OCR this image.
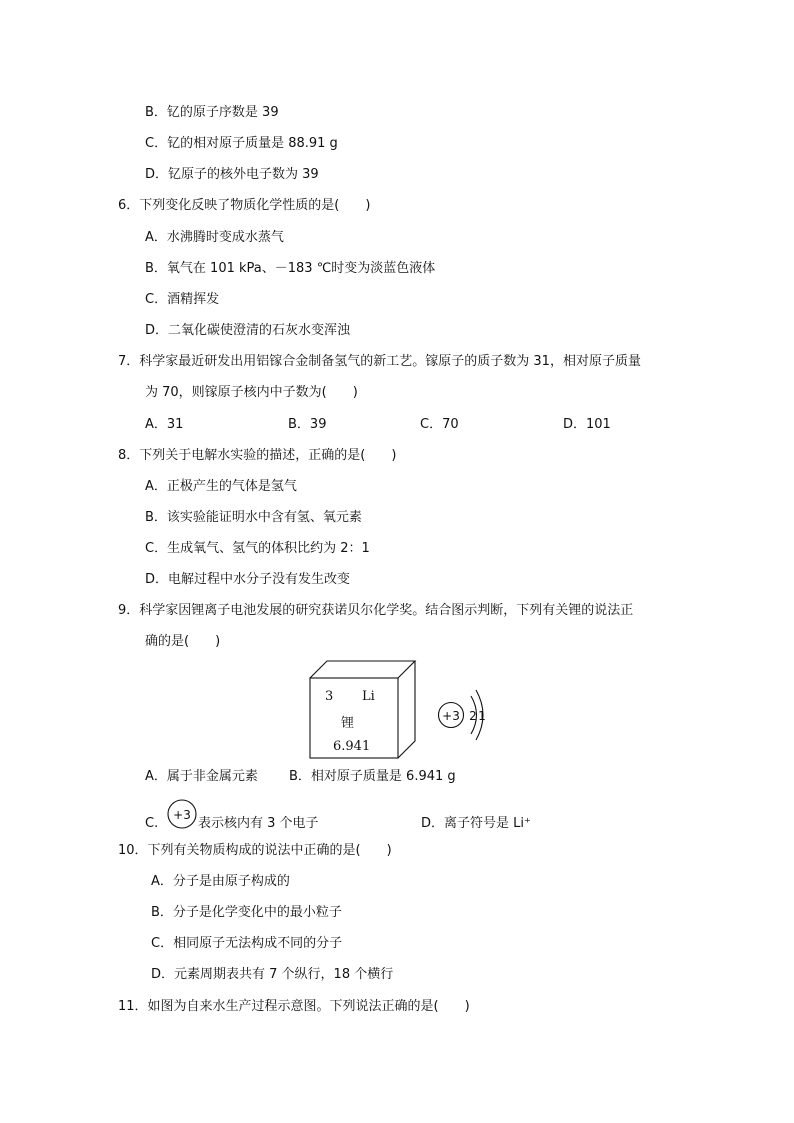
B．钇的原子序数是 39
C．钇的相对原子质量是 88.91 g
D．钇原子的核外电子数为 39
6．下列变化反映了物质化学性质的是(　　)
A．水沸腾时变成水蒸气
B．氧气在 101 kPa、－183 ℃时变为淡蓝色液体
C．酒精挥发
D．二氧化碳使澄清的石灰水变浑浊
7．科学家最近研发出用铝镓合金制备氢气的新工艺。镓原子的质子数为 31，相对原子质量
为 70，则镓原子核内中子数为(　　)
A．31	B．39	C．70	D．101
8．下列关于电解水实验的描述，正确的是(　　)
A．正极产生的气体是氢气
B．该实验能证明水中含有氢、氧元素
C．生成氧气、氢气的体积比约为 2：1
D．电解过程中水分子没有发生改变
9．科学家因锂离子电池发展的研究获诺贝尔化学奖。结合图示判断，下列有关锂的说法正
确的是(　　)
3 Li
锂
6.941
+3 2 1
A．属于非金属元素 B．相对原子质量是 6.941 g
C.
+3
表示核内有 3 个电子	D．离子符号是 Li⁺
10．下列有关物质构成的说法中正确的是(　　)
A．分子是由原子构成的
B．分子是化学变化中的最小粒子
C．相同原子无法构成不同的分子
D．元素周期表共有 7 个纵行，18 个横行
11．如图为自来水生产过程示意图。下列说法正确的是(　　)
